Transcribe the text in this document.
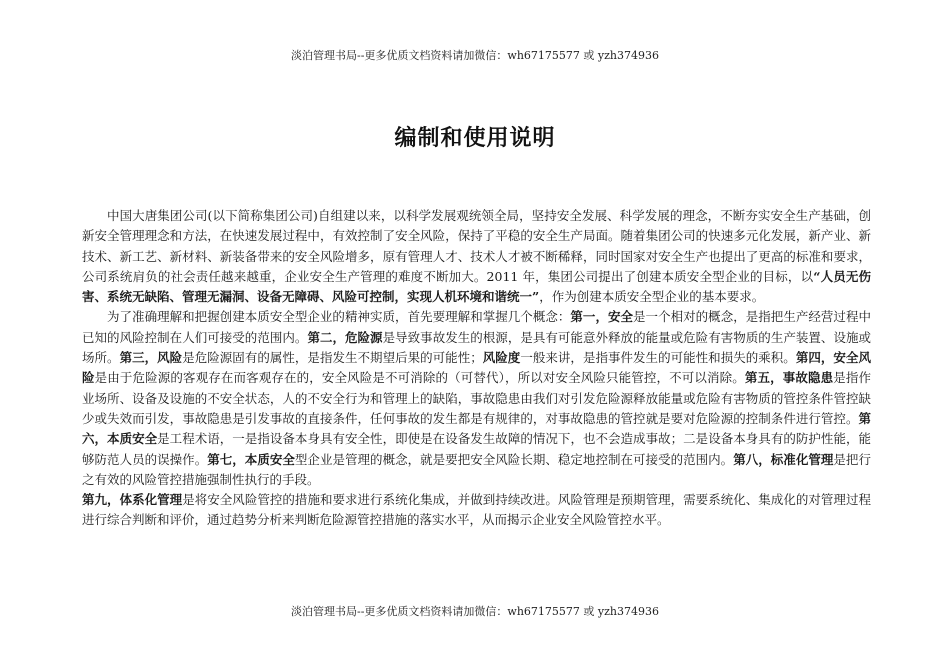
淡泊管理书局--更多优质文档资料请加微信：wh67175577 或 yzh374936
编制和使用说明

中国大唐集团公司(以下简称集团公司)自组建以来，以科学发展观统领全局，坚持安全发展、科学发展的理念，不断夯实安全生产基础，创新安全管理理念和方法，在快速发展过程中，有效控制了安全风险，保持了平稳的安全生产局面。随着集团公司的快速多元化发展，新产业、新技术、新工艺、新材料、新装备带来的安全风险增多，原有管理人才、技术人才被不断稀释，同时国家对安全生产也提出了更高的标准和要求，公司系统肩负的社会责任越来越重，企业安全生产管理的难度不断加大。2011 年，集团公司提出了创建本质安全型企业的目标，以“人员无伤害、系统无缺陷、管理无漏洞、设备无障碍、风险可控制，实现人机环境和谐统一”，作为创建本质安全型企业的基本要求。

为了准确理解和把握创建本质安全型企业的精神实质，首先要理解和掌握几个概念：第一，安全是一个相对的概念，是指把生产经营过程中已知的风险控制在人们可接受的范围内。第二，危险源是导致事故发生的根源，是具有可能意外释放的能量或危险有害物质的生产装置、设施或场所。第三，风险是危险源固有的属性，是指发生不期望后果的可能性；风险度一般来讲，是指事件发生的可能性和损失的乘积。第四，安全风险是由于危险源的客观存在而客观存在的，安全风险是不可消除的（可替代），所以对安全风险只能管控，不可以消除。第五，事故隐患是指作业场所、设备及设施的不安全状态，人的不安全行为和管理上的缺陷，事故隐患由我们对引发危险源释放能量或危险有害物质的管控条件管控缺少或失效而引发，事故隐患是引发事故的直接条件，任何事故的发生都是有规律的，对事故隐患的管控就是要对危险源的控制条件进行管控。第六，本质安全是工程术语，一是指设备本身具有安全性，即使是在设备发生故障的情况下，也不会造成事故；二是设备本身具有的防护性能，能够防范人员的误操作。第七，本质安全型企业是管理的概念，就是要把安全风险长期、稳定地控制在可接受的范围内。第八，标准化管理是把行之有效的风险管控措施强制性执行的手段。

第九，体系化管理是将安全风险管控的措施和要求进行系统化集成，并做到持续改进。风险管理是预期管理，需要系统化、集成化的对管理过程进行综合判断和评价，通过趋势分析来判断危险源管控措施的落实水平，从而揭示企业安全风险管控水平。

淡泊管理书局--更多优质文档资料请加微信：wh67175577 或 yzh374936
